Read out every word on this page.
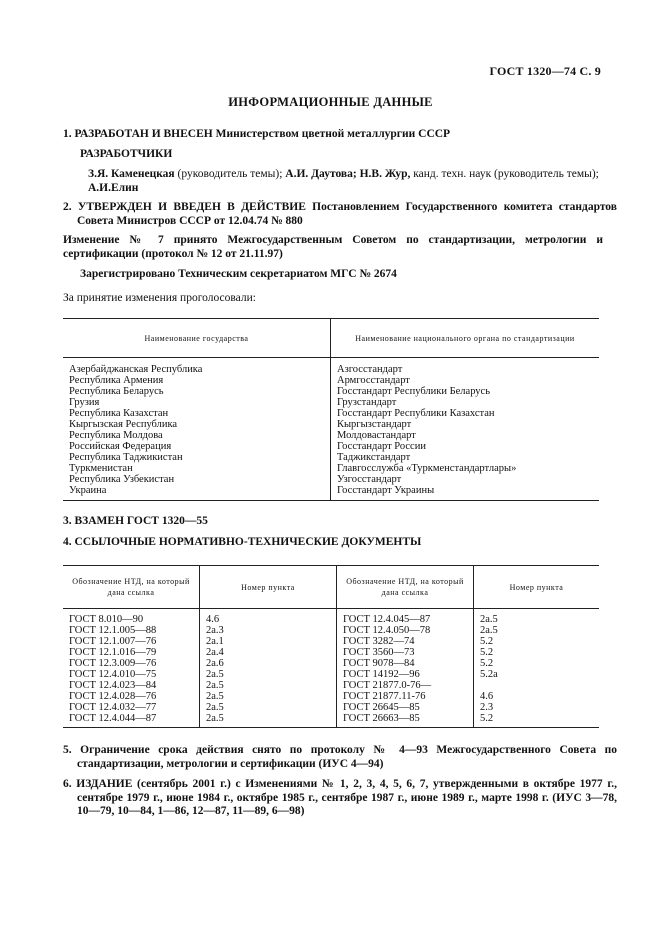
ГОСТ 1320—74 С. 9
ИНФОРМАЦИОННЫЕ ДАННЫЕ
1. РАЗРАБОТАН И ВНЕСЕН Министерством цветной металлургии СССР
РАЗРАБОТЧИКИ
З.Я. Каменецкая (руководитель темы); А.И. Даутова; Н.В. Жур, канд. техн. наук (руководитель темы); А.И.Елин
2. УТВЕРЖДЕН И ВВЕДЕН В ДЕЙСТВИЕ Постановлением Государственного комитета стандартов Совета Министров СССР от 12.04.74 № 880
Изменение № 7 принято Межгосударственным Советом по стандартизации, метрологии и сертификации (протокол № 12 от 21.11.97)
Зарегистрировано Техническим секретариатом МГС № 2674
За принятие изменения проголосовали:
Наименование государства	Наименование национального органа по стандартизации
Азербайджанская Республика	Азгосстандарт
Республика Армения	Армгосстандарт
Республика Беларусь	Госстандарт Республики Беларусь
Грузия	Грузстандарт
Республика Казахстан	Госстандарт Республики Казахстан
Кыргызская Республика	Кыргызстандарт
Республика Молдова	Молдовастандарт
Российская Федерация	Госстандарт России
Республика Таджикистан	Таджикстандарт
Туркменистан	Главгосслужба «Туркменстандартлары»
Республика Узбекистан	Узгосстандарт
Украина	Госстандарт Украины
3. ВЗАМЕН ГОСТ 1320—55
4. ССЫЛОЧНЫЕ НОРМАТИВНО-ТЕХНИЧЕСКИЕ ДОКУМЕНТЫ
Обозначение НТД, на который дана ссылка	Номер пункта	Обозначение НТД, на который дана ссылка	Номер пункта
ГОСТ 8.010—90	4.6	ГОСТ 12.4.045—87	2а.5
ГОСТ 12.1.005—88	2а.3	ГОСТ 12.4.050—78	2а.5
ГОСТ 12.1.007—76	2а.1	ГОСТ 3282—74	5.2
ГОСТ 12.1.016—79	2а.4	ГОСТ 3560—73	5.2
ГОСТ 12.3.009—76	2а.6	ГОСТ 9078—84	5.2
ГОСТ 12.4.010—75	2а.5	ГОСТ 14192—96	5.2а
ГОСТ 12.4.023—84	2а.5	ГОСТ 21877.0-76—	
ГОСТ 12.4.028—76	2а.5	ГОСТ 21877.11-76	4.6
ГОСТ 12.4.032—77	2а.5	ГОСТ 26645—85	2.3
ГОСТ 12.4.044—87	2а.5	ГОСТ 26663—85	5.2
5. Ограничение срока действия снято по протоколу № 4—93 Межгосударственного Совета по стандартизации, метрологии и сертификации (ИУС 4—94)
6. ИЗДАНИЕ (сентябрь 2001 г.) с Изменениями № 1, 2, 3, 4, 5, 6, 7, утвержденными в октябре 1977 г., сентябре 1979 г., июне 1984 г., октябре 1985 г., сентябре 1987 г., июне 1989 г., марте 1998 г. (ИУС 3—78, 10—79, 10—84, 1—86, 12—87, 11—89, 6—98)
